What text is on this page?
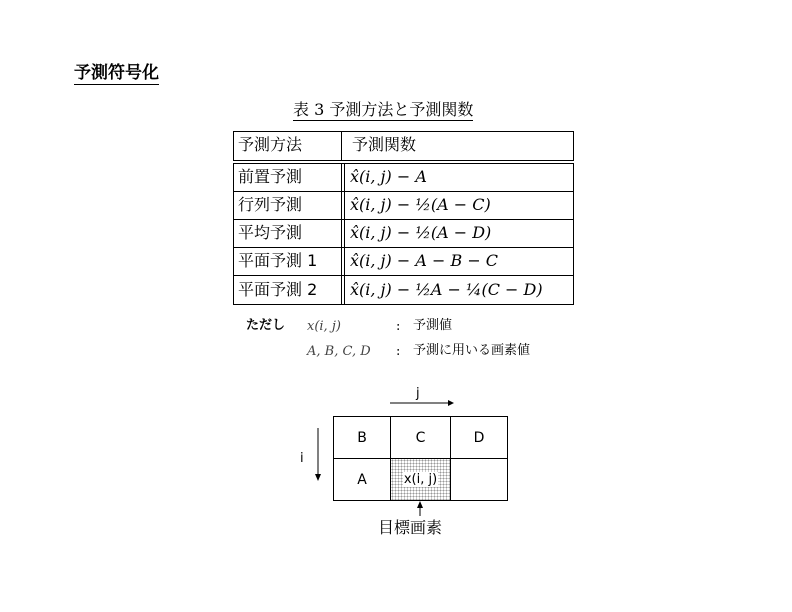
予測符号化
表 3 予測方法と予測関数
予測方法	予測関数
前置予測	x̂(i, j) − A
行列予測	x̂(i, j) − ½(A − C)
平均予測	x̂(i, j) − ½(A − D)
平面予測 1 x̂(i, j) − A − B − C
平面予測 2 x̂(i, j) − ½A − ¼(C − D)
ただし x(i, j)	: 予測値
A, B, C, D : 予測に用いる画素値
j
i
B	C	D
A	x(i, j)
目標画素
